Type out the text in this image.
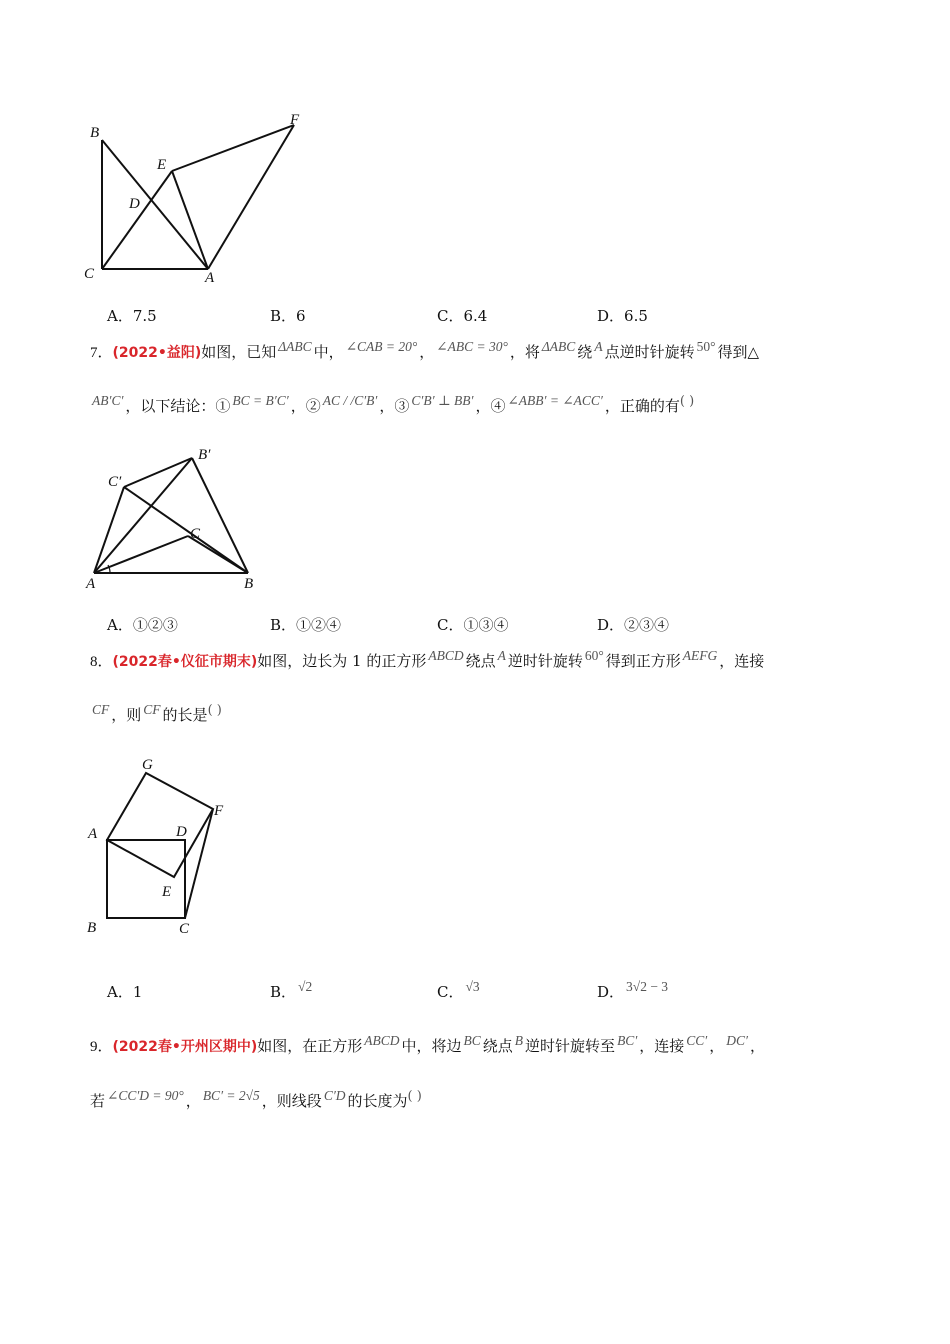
B
E
D
C	A
F
A．7.5	B．6	C．6.4	D．6.5
7．(2022•益阳)如图，已知 ΔABC 中， ∠CAB = 20° ， ∠ABC = 30° ，将 ΔABC 绕 A 点逆时针旋转 50° 得到△
AB′C′ ，以下结论：① BC = B′C′ ，② AC / /C′B′ ，③ C′B′ ⊥ BB′ ，④ ∠ABB′ = ∠ACC′ ，正确的有( )
C′
B′
C
A	B
A．①②③	B．①②④	C．①③④	D．②③④
8．(2022春•仪征市期末)如图，边长为 1 的正方形 ABCD 绕点 A 逆时针旋转 60° 得到正方形 AEFG ，连接
CF ，则 CF 的长是( )
G
F
A	D
E
B	C
A．1	B． √2	C． √3	D． 3√2 − 3
9．(2022春•开州区期中)如图，在正方形 ABCD 中，将边 BC 绕点 B 逆时针旋转至 BC′ ，连接 CC′ ， DC′ ，
若 ∠CC′D = 90° ， BC′ = 2√5 ，则线段 C′D 的长度为( )
